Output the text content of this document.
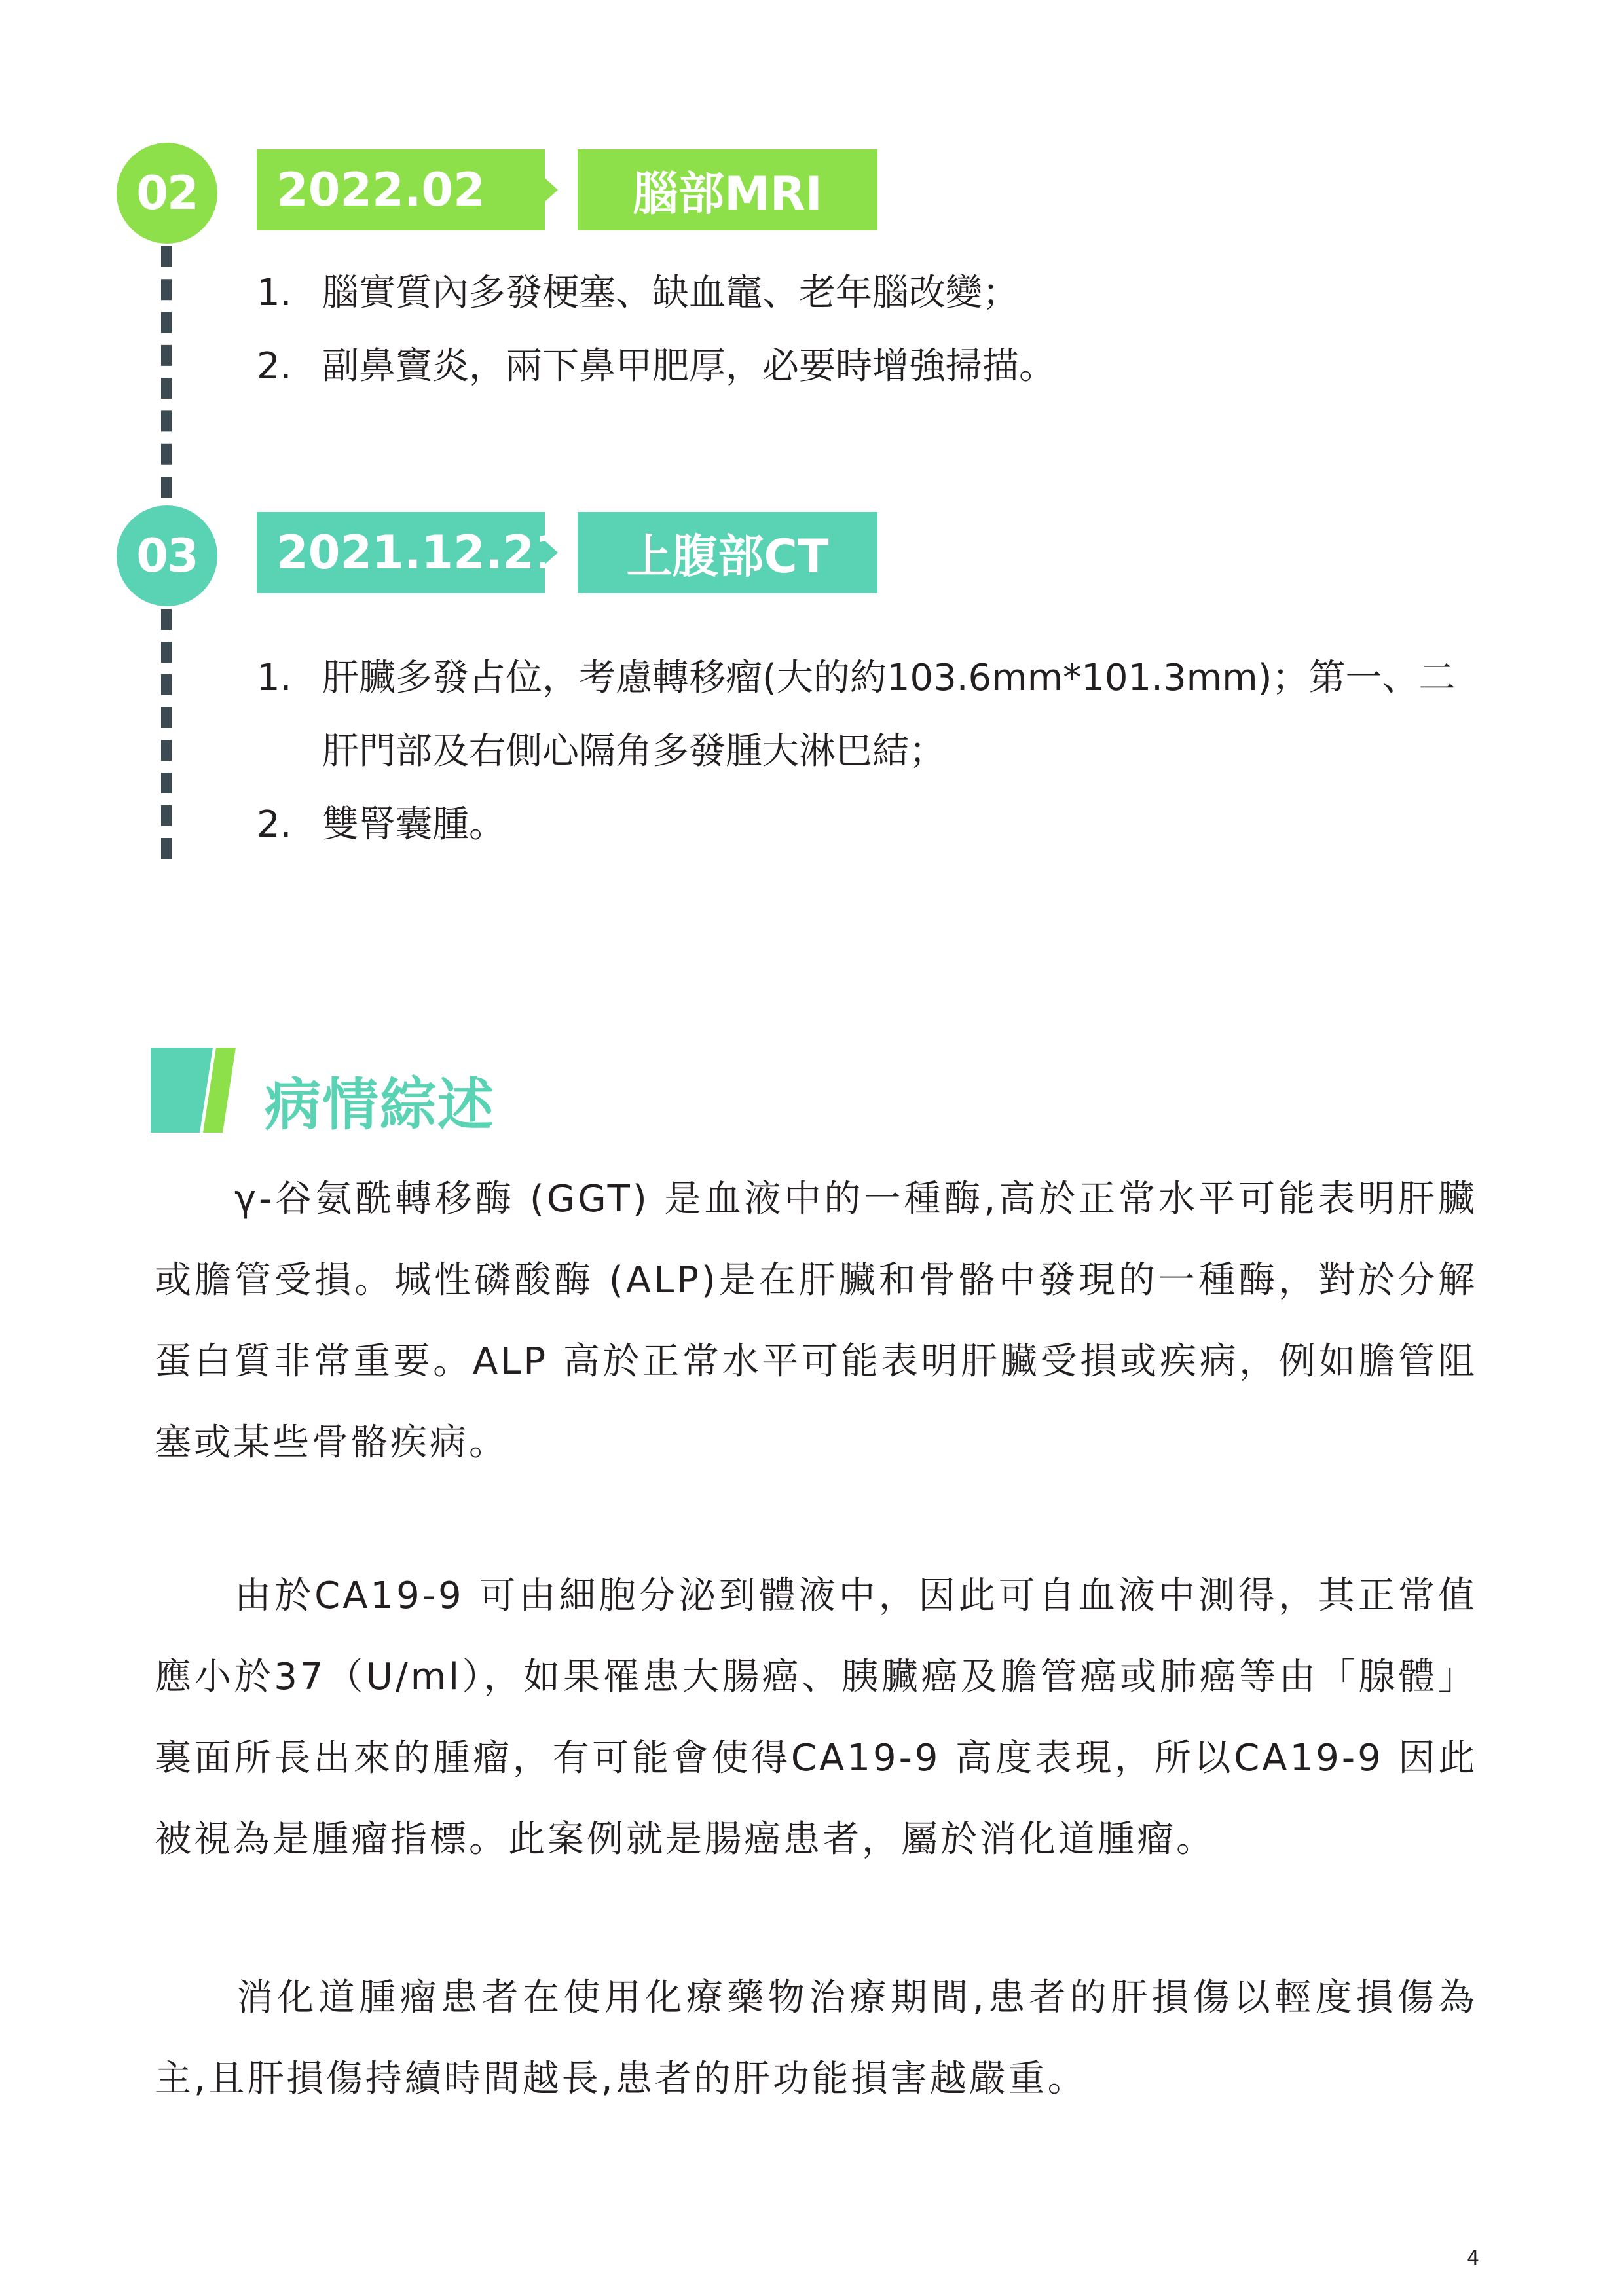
02 2022.02	腦部MRI
1. 腦實質內多發梗塞、缺血竈、老年腦改變；
2. 副鼻竇炎，兩下鼻甲肥厚，必要時增強掃描。
03 2021.12.21 上腹部CT
1. 肝臟多發占位，考慮轉移瘤(大的約103.6mm*101.3mm)；第一、二肝門部及右側心隔角多發腫大淋巴結；
2. 雙腎囊腫。
病情綜述

　　γ-谷氨酰轉移酶 (GGT) 是血液中的一種酶,高於正常水平可能表明肝臟或膽管受損。堿性磷酸酶 (ALP)是在肝臟和骨骼中發現的一種酶，對於分解蛋白質非常重要。ALP 高於正常水平可能表明肝臟受損或疾病，例如膽管阻塞或某些骨骼疾病。

　　由於CA19-9 可由細胞分泌到體液中，因此可自血液中測得，其正常值應小於37（U/ml），如果罹患大腸癌、胰臟癌及膽管癌或肺癌等由「腺體」裏面所長出來的腫瘤，有可能會使得CA19-9 高度表現，所以CA19-9 因此被視為是腫瘤指標。此案例就是腸癌患者，屬於消化道腫瘤。

　　消化道腫瘤患者在使用化療藥物治療期間,患者的肝損傷以輕度損傷為主,且肝損傷持續時間越長,患者的肝功能損害越嚴重。

4
